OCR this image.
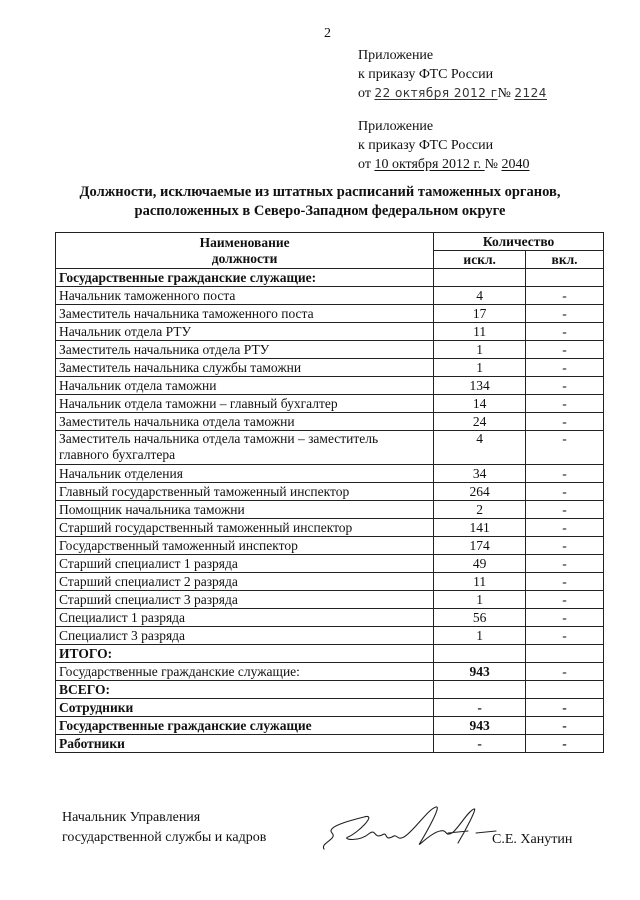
2
Приложение
к приказу ФТС России
от 22 октября 2012 г№ 2124
Приложение
к приказу ФТС России
от 10 октября 2012 г. № 2040
Должности, исключаемые из штатных расписаний таможенных органов,
расположенных в Северо-Западном федеральном округе
Наименование
должности	Количество	
	искл.	вкл.
Государственные гражданские служащие:		
Начальник таможенного поста	4	-
Заместитель начальника таможенного поста	17	-
Начальник отдела РТУ	11	-
Заместитель начальника отдела РТУ	1	-
Заместитель начальника службы таможни	1	-
Начальник отдела таможни	134	-
Начальник отдела таможни – главный бухгалтер	14	-
Заместитель начальника отдела таможни	24	-
Заместитель начальника отдела таможни – заместитель главного бухгалтера	4	-
Начальник отделения	34	-
Главный государственный таможенный инспектор	264	-
Помощник начальника таможни	2	-
Старший государственный таможенный инспектор	141	-
Государственный таможенный инспектор	174	-
Старший специалист 1 разряда	49	-
Старший специалист 2 разряда	11	-
Старший специалист 3 разряда	1	-
Специалист 1 разряда	56	-
Специалист 3 разряда	1	-
ИТОГО:		
Государственные гражданские служащие:	943	-
ВСЕГО:		
Сотрудники	-	-
Государственные гражданские служащие	943	-
Работники	-	-
Начальник Управления
государственной службы и кадров	С.Е. Ханутин
